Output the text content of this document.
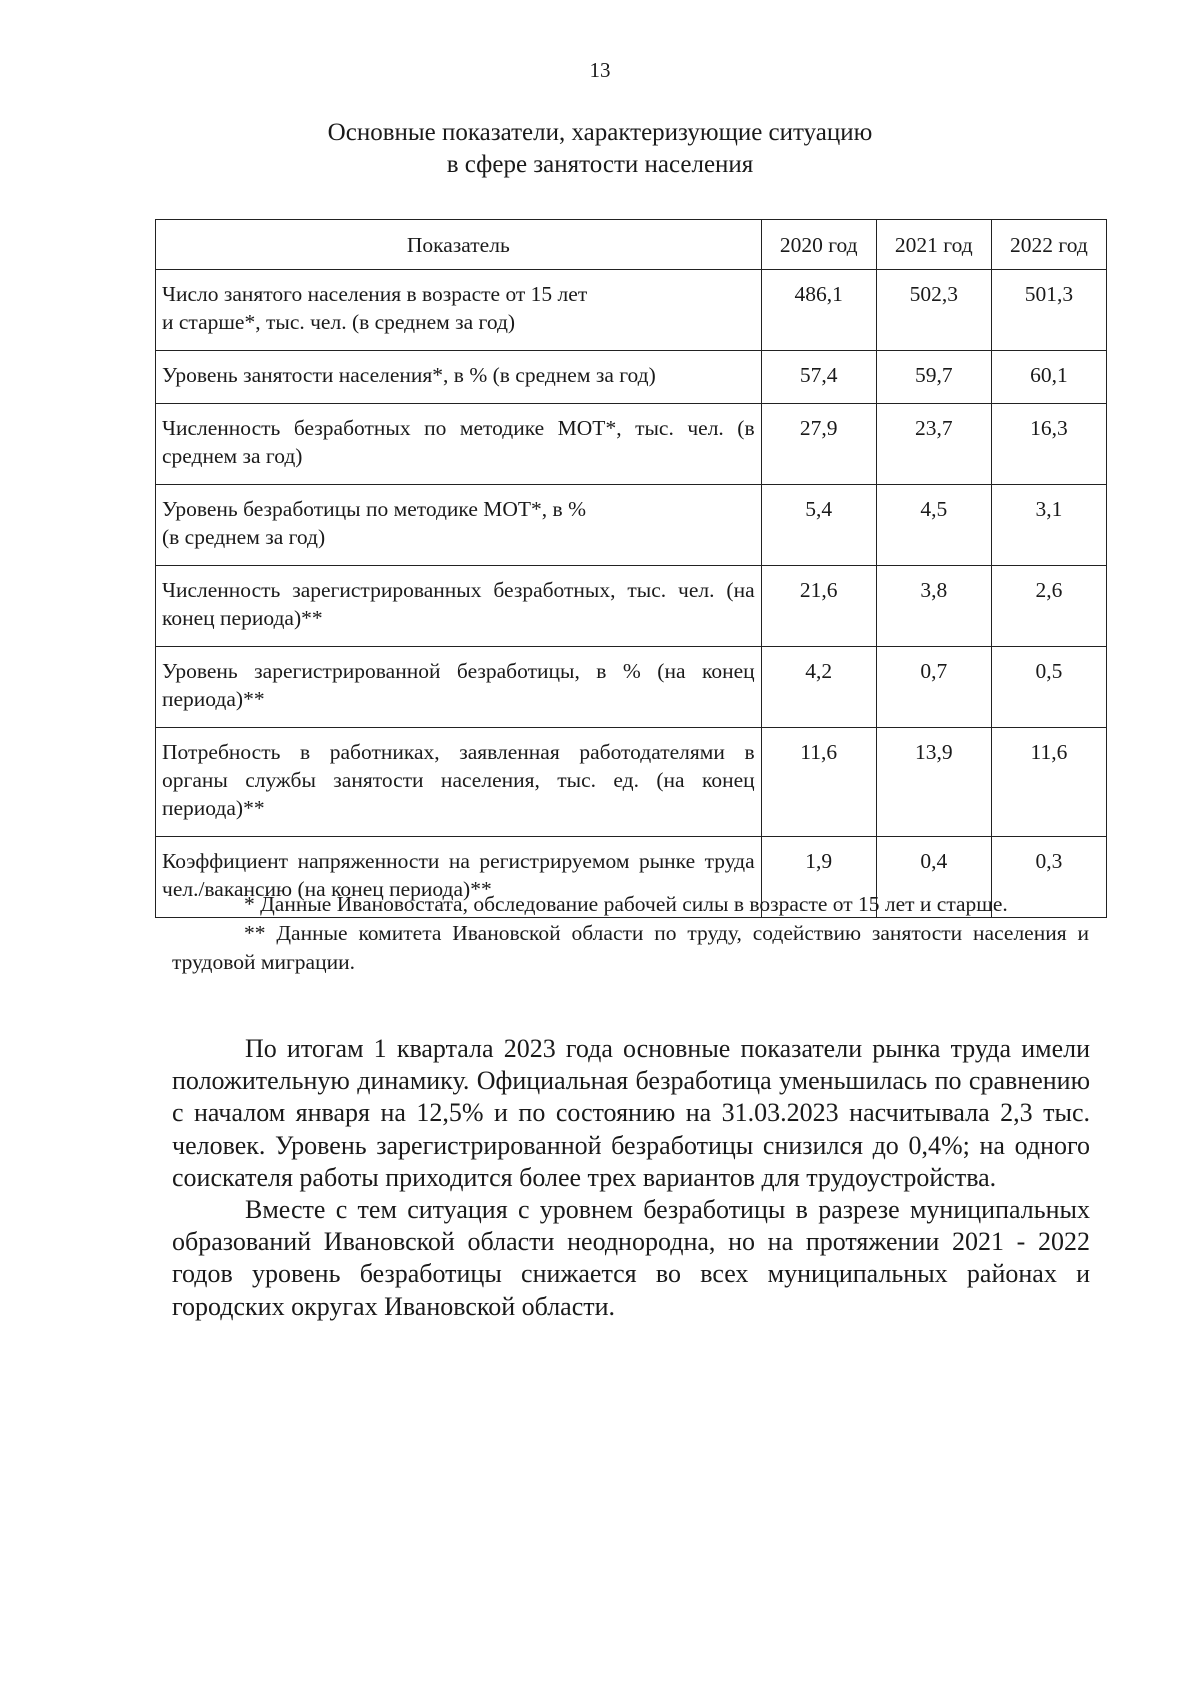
13
Основные показатели, характеризующие ситуацию
в сфере занятости населения
Показатель	2020 год	2021 год	2022 год
Число занятого населения в возрасте от 15 лет
и старше*, тыс. чел. (в среднем за год)	486,1	502,3	501,3
Уровень занятости населения*, в % (в среднем за год)	57,4	59,7	60,1
Численность безработных по методике МОТ*, тыс. чел. (в среднем за год)	27,9	23,7	16,3
Уровень безработицы по методике МОТ*, в %
(в среднем за год)	5,4	4,5	3,1
Численность зарегистрированных безработных, тыс. чел. (на конец периода)**	21,6	3,8	2,6
Уровень зарегистрированной безработицы, в % (на конец периода)**	4,2	0,7	0,5
Потребность в работниках, заявленная работодателями в органы службы занятости населения, тыс. ед. (на конец периода)**	11,6	13,9	11,6
Коэффициент напряженности на регистрируемом рынке труда чел./вакансию (на конец периода)**	1,9	0,4	0,3

* Данные Ивановостата, обследование рабочей силы в возрасте от 15 лет и старше.

** Данные комитета Ивановской области по труду, содействию занятости населения и трудовой миграции.

По итогам 1 квартала 2023 года основные показатели рынка труда имели положительную динамику. Официальная безработица уменьшилась по сравнению с началом января на 12,5% и по состоянию на 31.03.2023 насчитывала 2,3 тыс. человек. Уровень зарегистрированной безработицы снизился до 0,4%; на одного соискателя работы приходится более трех вариантов для трудоустройства.

Вместе с тем ситуация с уровнем безработицы в разрезе муниципальных образований Ивановской области неоднородна, но на протяжении 2021 - 2022 годов уровень безработицы снижается во всех муниципальных районах и городских округах Ивановской области.
